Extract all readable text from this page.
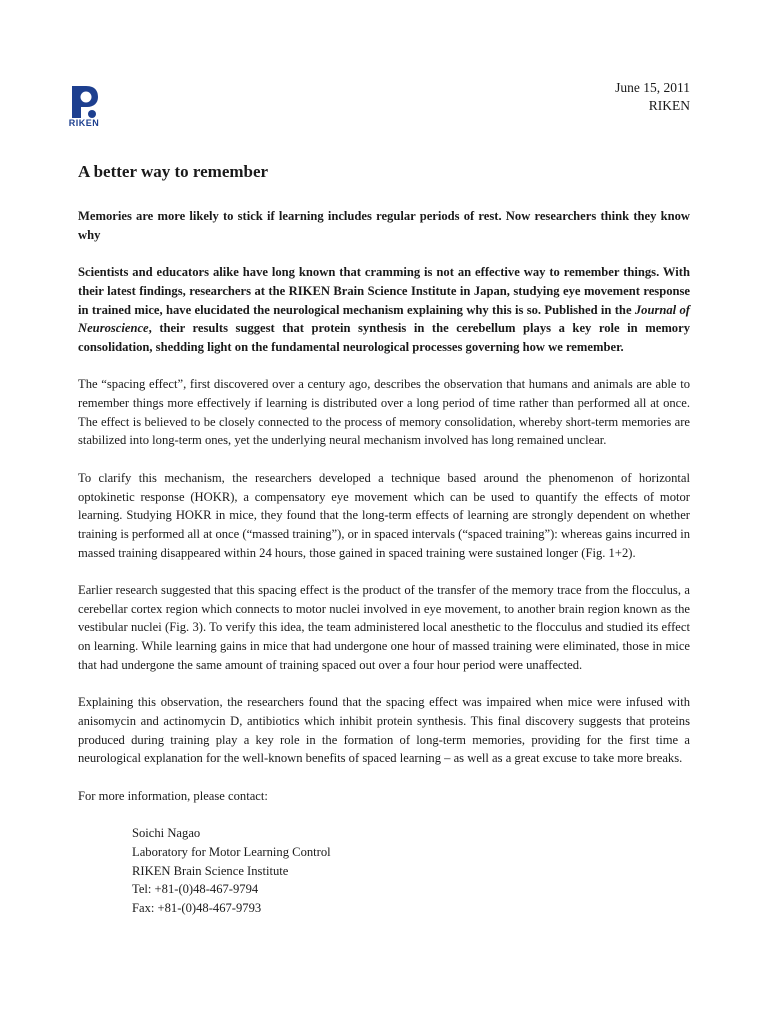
RIKEN
June 15, 2011
RIKEN
A better way to remember

Memories are more likely to stick if learning includes regular periods of rest. Now researchers think they know why

Scientists and educators alike have long known that cramming is not an effective way to remember things. With their latest findings, researchers at the RIKEN Brain Science Institute in Japan, studying eye movement response in trained mice, have elucidated the neurological mechanism explaining why this is so. Published in the Journal of Neuroscience, their results suggest that protein synthesis in the cerebellum plays a key role in memory consolidation, shedding light on the fundamental neurological processes governing how we remember.

The “spacing effect”, first discovered over a century ago, describes the observation that humans and animals are able to remember things more effectively if learning is distributed over a long period of time rather than performed all at once. The effect is believed to be closely connected to the process of memory consolidation, whereby short-term memories are stabilized into long-term ones, yet the underlying neural mechanism involved has long remained unclear.

To clarify this mechanism, the researchers developed a technique based around the phenomenon of horizontal optokinetic response (HOKR), a compensatory eye movement which can be used to quantify the effects of motor learning. Studying HOKR in mice, they found that the long-term effects of learning are strongly dependent on whether training is performed all at once (“massed training”), or in spaced intervals (“spaced training”): whereas gains incurred in massed training disappeared within 24 hours, those gained in spaced training were sustained longer (Fig. 1+2).

Earlier research suggested that this spacing effect is the product of the transfer of the memory trace from the flocculus, a cerebellar cortex region which connects to motor nuclei involved in eye movement, to another brain region known as the vestibular nuclei (Fig. 3). To verify this idea, the team administered local anesthetic to the flocculus and studied its effect on learning. While learning gains in mice that had undergone one hour of massed training were eliminated, those in mice that had undergone the same amount of training spaced out over a four hour period were unaffected.

Explaining this observation, the researchers found that the spacing effect was impaired when mice were infused with anisomycin and actinomycin D, antibiotics which inhibit protein synthesis. This final discovery suggests that proteins produced during training play a key role in the formation of long-term memories, providing for the first time a neurological explanation for the well-known benefits of spaced learning – as well as a great excuse to take more breaks.

For more information, please contact:

Soichi Nagao
Laboratory for Motor Learning Control
RIKEN Brain Science Institute
Tel: +81-(0)48-467-9794
Fax: +81-(0)48-467-9793
